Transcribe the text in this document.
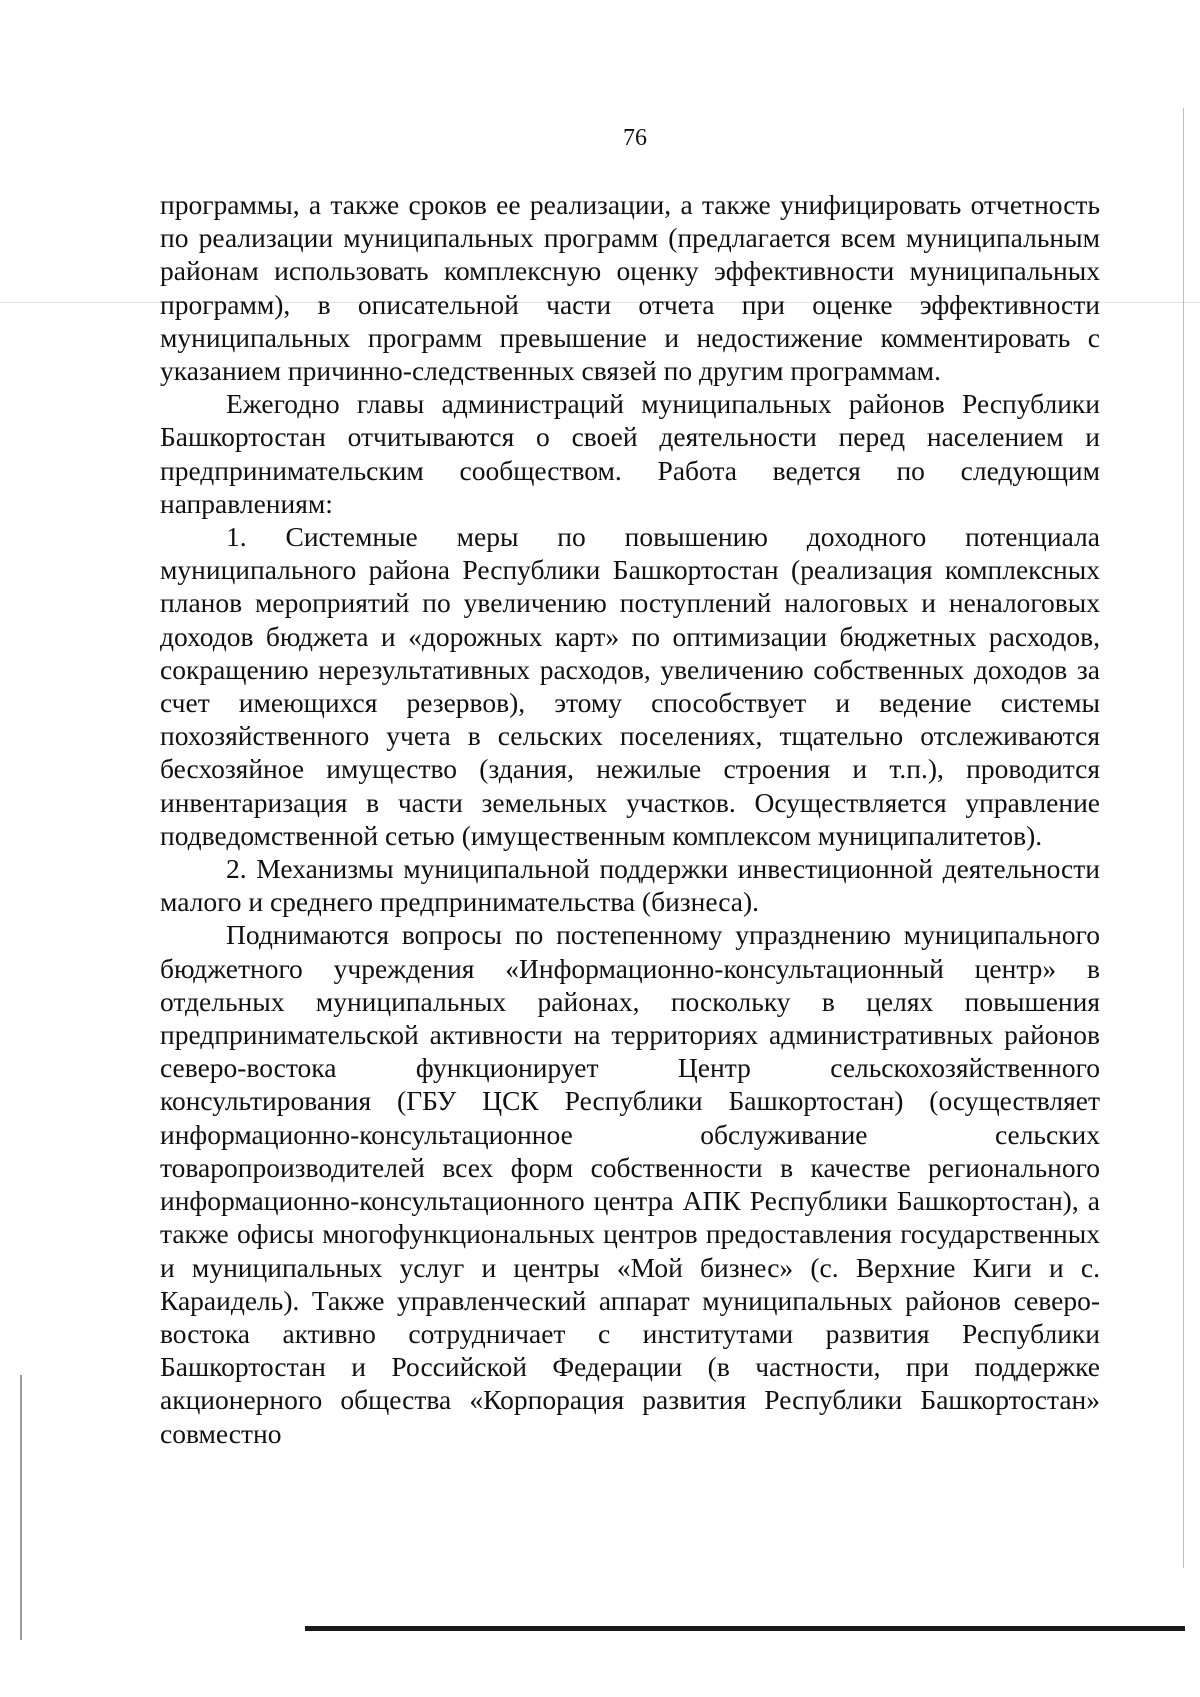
76

программы, а также сроков ее реализации, а также унифицировать отчетность по реализации муниципальных программ (предлагается всем муниципальным районам использовать комплексную оценку эффективности муниципальных программ), в описательной части отчета при оценке эффективности муниципальных программ превышение и недостижение комментировать с указанием причинно-следственных связей по другим программам.

Ежегодно главы администраций муниципальных районов Республики Башкортостан отчитываются о своей деятельности перед населением и предпринимательским сообществом. Работа ведется по следующим направлениям:

1. Системные меры по повышению доходного потенциала муниципального района Республики Башкортостан (реализация комплексных планов мероприятий по увеличению поступлений налоговых и неналоговых доходов бюджета и «дорожных карт» по оптимизации бюджетных расходов, сокращению нерезультативных расходов, увеличению собственных доходов за счет имеющихся резервов), этому способствует и ведение системы похозяйственного учета в сельских поселениях, тщательно отслеживаются бесхозяйное имущество (здания, нежилые строения и т.п.), проводится инвентаризация в части земельных участков. Осуществляется управление подведомственной сетью (имущественным комплексом муниципалитетов).

2. Механизмы муниципальной поддержки инвестиционной деятельности малого и среднего предпринимательства (бизнеса).

Поднимаются вопросы по постепенному упразднению муниципального бюджетного учреждения «Информационно-консультационный центр» в отдельных муниципальных районах, поскольку в целях повышения предпринимательской активности на территориях административных районов северо-востока функционирует Центр сельскохозяйственного консультирования (ГБУ ЦСК Республики Башкортостан) (осуществляет информационно-консультационное обслуживание сельских товаропроизводителей всех форм собственности в качестве регионального информационно-консультационного центра АПК Республики Башкортостан), а также офисы многофункциональных центров предоставления государственных и муниципальных услуг и центры «Мой бизнес» (с. Верхние Киги и с. Караидель). Также управленческий аппарат муниципальных районов северо-востока активно сотрудничает с институтами развития Республики Башкортостан и Российской Федерации (в частности, при поддержке акционерного общества «Корпорация развития Республики Башкортостан» совместно
